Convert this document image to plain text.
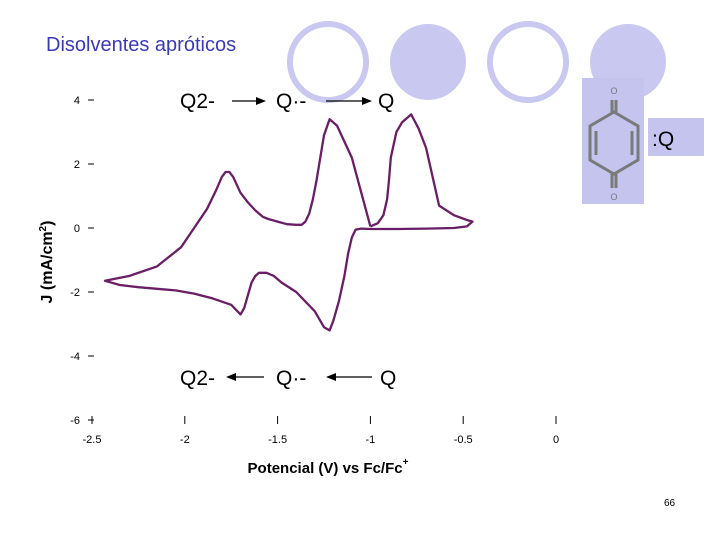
Disolventes apróticos
O
O
:Q
4
2
0
-2
-4
-6
-2.5	-2	-1.5	-1	-0.5	0
J $(mA/cm^2)$
Potencial (V) vs Fc/Fc+
Q2-	Q·-	Q
Q2-	Q·-	Q
66
